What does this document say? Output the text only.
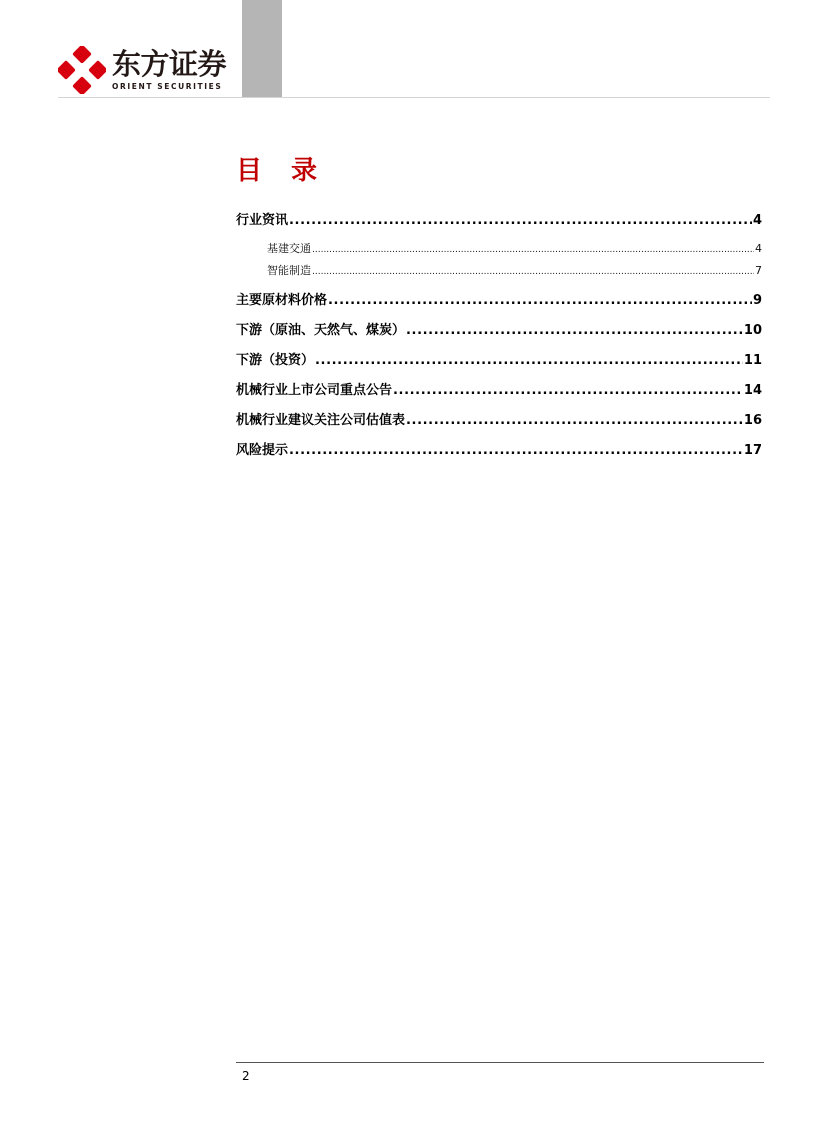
东方证券
ORIENT SECURITIES
目 录
行业资讯 .....	4
基建交通 .....	4
智能制造 .....	7
主要原材料价格 .....	9
下游（原油、天然气、煤炭） .....	10
下游（投资） .....	11
机械行业上市公司重点公告 .....	14
机械行业建议关注公司估值表 .....	16
风险提示 .....	17
2
